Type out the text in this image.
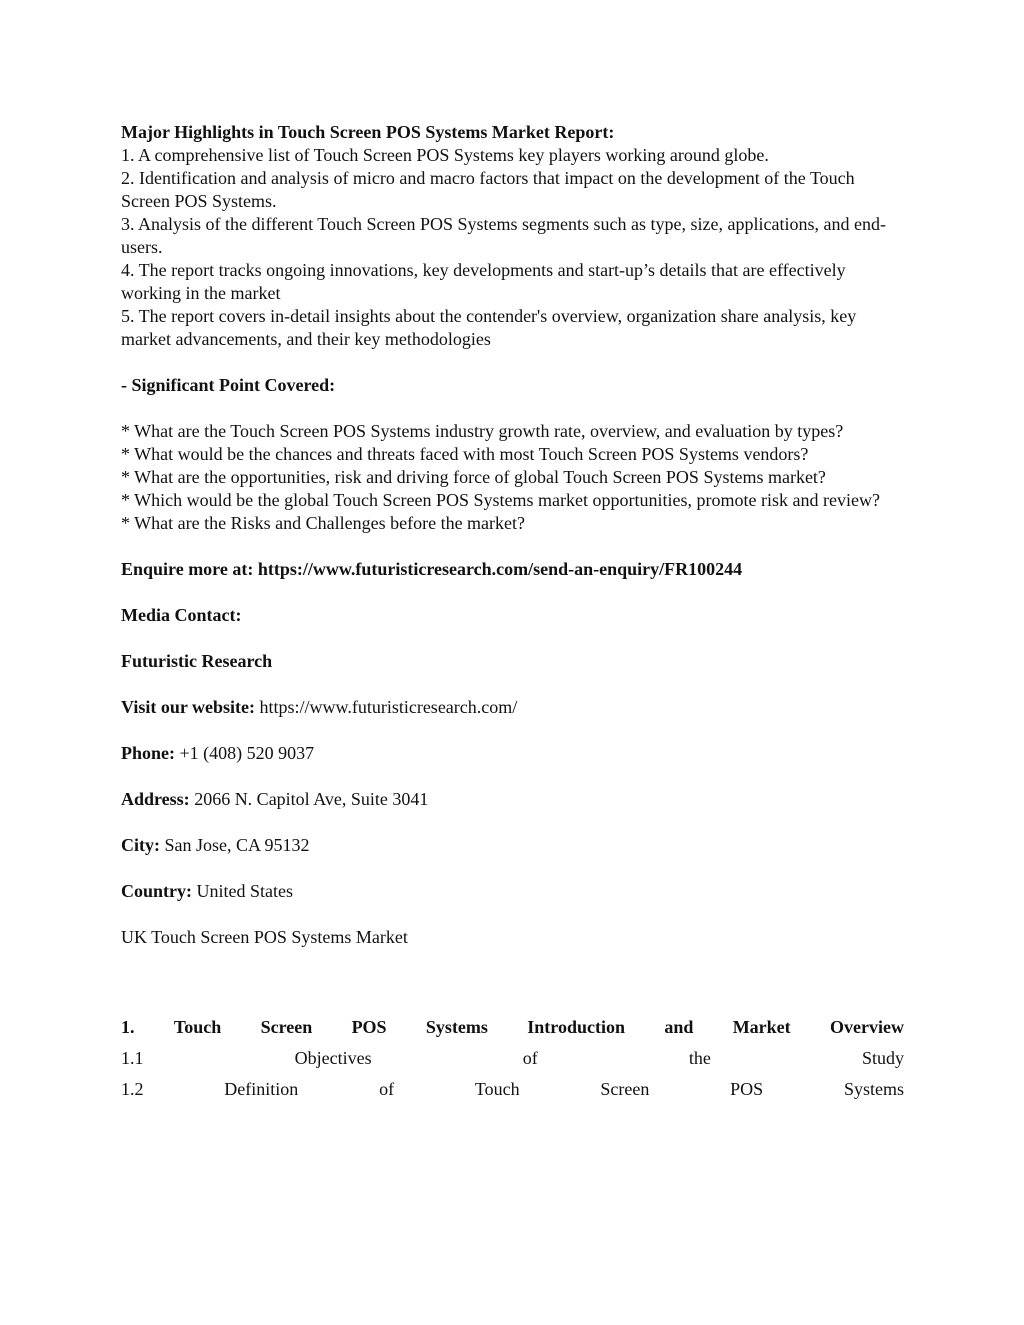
Major Highlights in Touch Screen POS Systems Market Report:

1. A comprehensive list of Touch Screen POS Systems key players working around globe.

2. Identification and analysis of micro and macro factors that impact on the development of the Touch Screen POS Systems.

3. Analysis of the different Touch Screen POS Systems segments such as type, size, applications, and end-users.

4. The report tracks ongoing innovations, key developments and start-up’s details that are effectively working in the market

5. The report covers in-detail insights about the contender's overview, organization share analysis, key market advancements, and their key methodologies

- Significant Point Covered:

* What are the Touch Screen POS Systems industry growth rate, overview, and evaluation by types?

* What would be the chances and threats faced with most Touch Screen POS Systems vendors?

* What are the opportunities, risk and driving force of global Touch Screen POS Systems market?

* Which would be the global Touch Screen POS Systems market opportunities, promote risk and review?

* What are the Risks and Challenges before the market?

Enquire more at: https://www.futuristicresearch.com/send-an-enquiry/FR100244

Media Contact:

Futuristic Research

Visit our website: https://www.futuristicresearch.com/

Phone: +1 (408) 520 9037

Address: 2066 N. Capitol Ave, Suite 3041

City: San Jose, CA 95132

Country: United States

UK Touch Screen POS Systems Market

1. Touch Screen POS Systems Introduction and Market Overview
1.1	Objectives	of	the	Study
1.2	Definition	of	Touch	Screen	POS	Systems
